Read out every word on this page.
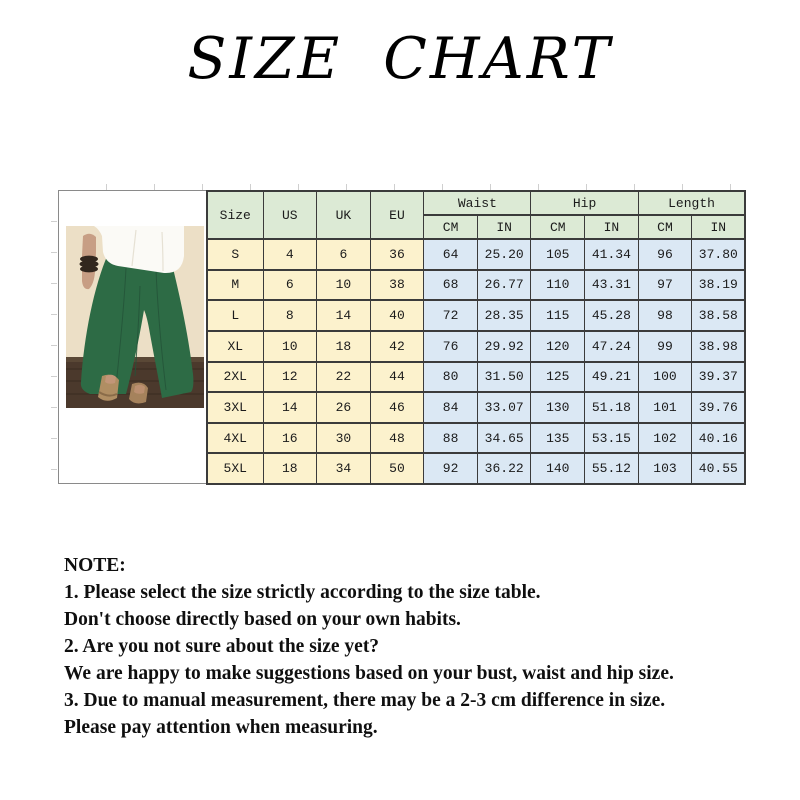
SIZE CHART
Size	US	UK	EU	Waist		Hip		Length	
				CM	IN	CM	IN	CM	IN
S	4	6	36	64	25.20	105	41.34	96	37.80
M	6	10	38	68	26.77	110	43.31	97	38.19
L	8	14	40	72	28.35	115	45.28	98	38.58
XL	10	18	42	76	29.92	120	47.24	99	38.98
2XL	12	22	44	80	31.50	125	49.21	100	39.37
3XL	14	26	46	84	33.07	130	51.18	101	39.76
4XL	16	30	48	88	34.65	135	53.15	102	40.16
5XL	18	34	50	92	36.22	140	55.12	103	40.55
NOTE:
1. Please select the size strictly according to the size table.
Don't choose directly based on your own habits.
2. Are you not sure about the size yet?
We are happy to make suggestions based on your bust, waist and hip size.
3. Due to manual measurement, there may be a 2-3 cm difference in size.
Please pay attention when measuring.
